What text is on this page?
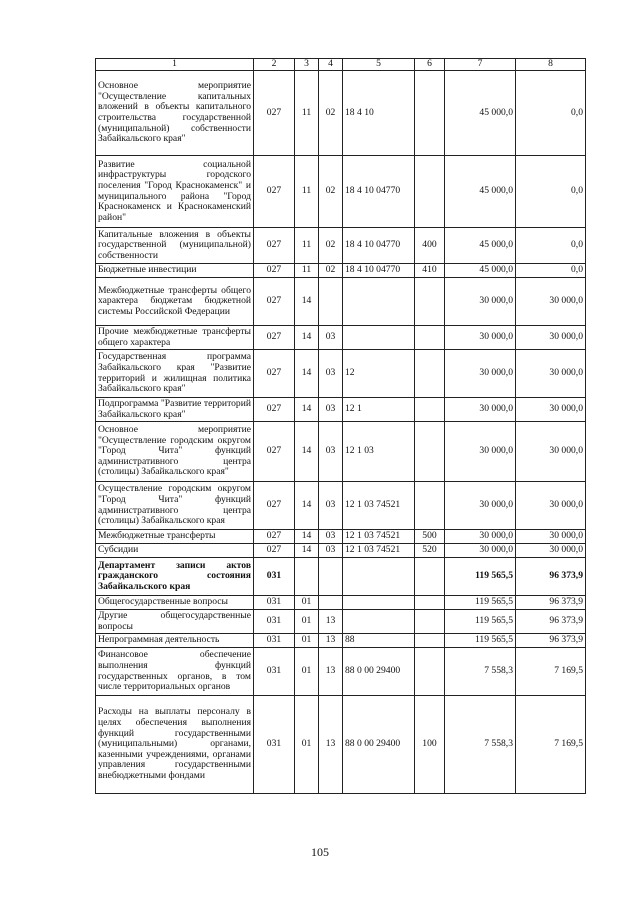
1	2	3	4	5	6	7	8
Основное мероприятие "Осуществление капитальных вложений в объекты капитального строительства государственной (муниципальной) собственности Забайкальского края"	027	11	02	18 4 10		45 000,0	0,0
Развитие социальной инфраструктуры городского поселения "Город Краснокаменск" и муниципального района "Город Краснокаменск и Краснокаменский район"	027	11	02	18 4 10 04770		45 000,0	0,0
Капитальные вложения в объекты государственной (муниципальной) собственности	027	11	02	18 4 10 04770	400	45 000,0	0,0
Бюджетные инвестиции	027	11	02	18 4 10 04770	410	45 000,0	0,0
Межбюджетные трансферты общего характера бюджетам бюджетной системы Российской Федерации	027	14				30 000,0	30 000,0
Прочие межбюджетные трансферты общего характера	027	14	03			30 000,0	30 000,0
Государственная программа Забайкальского края "Развитие территорий и жилищная политика Забайкальского края"	027	14	03	12		30 000,0	30 000,0
Подпрограмма "Развитие территорий Забайкальского края"	027	14	03	12 1		30 000,0	30 000,0
Основное мероприятие "Осуществление городским округом "Город Чита" функций административного центра (столицы) Забайкальского края"	027	14	03	12 1 03		30 000,0	30 000,0
Осуществление городским округом "Город Чита" функций административного центра (столицы) Забайкальского края	027	14	03	12 1 03 74521		30 000,0	30 000,0
Межбюджетные трансферты	027	14	03	12 1 03 74521	500	30 000,0	30 000,0
Субсидии	027	14	03	12 1 03 74521	520	30 000,0	30 000,0
Департамент записи актов гражданского состояния Забайкальского края	031					119 565,5	96 373,9
Общегосударственные вопросы	031	01				119 565,5	96 373,9
Другие общегосударственные вопросы	031	01	13			119 565,5	96 373,9
Непрограммная деятельность	031	01	13	88		119 565,5	96 373,9
Финансовое обеспечение выполнения функций государственных органов, в том числе территориальных органов	031	01	13	88 0 00 29400		7 558,3	7 169,5
Расходы на выплаты персоналу в целях обеспечения выполнения функций государственными (муниципальными) органами, казенными учреждениями, органами управления государственными внебюджетными фондами	031	01	13	88 0 00 29400	100	7 558,3	7 169,5
105
